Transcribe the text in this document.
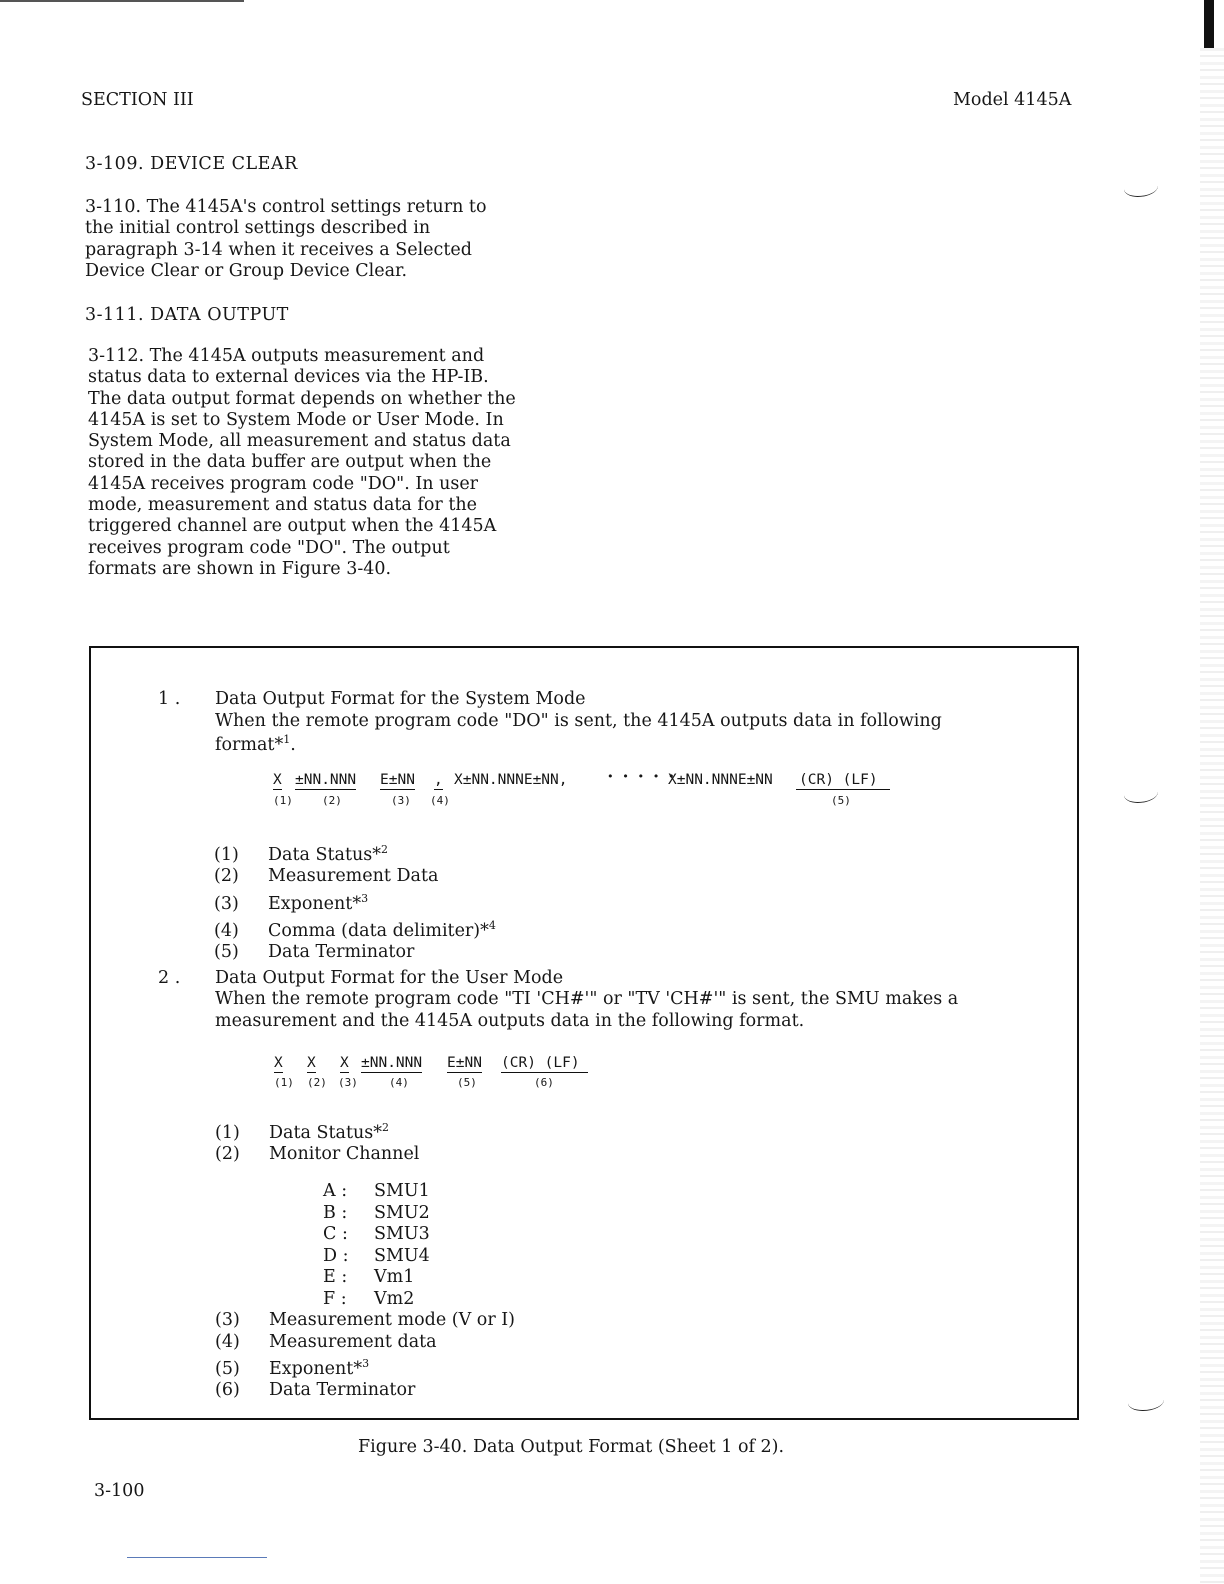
SECTION III	Model 4145A
3-109. DEVICE CLEAR
3-110. The 4145A's control settings return to
the initial control settings described in
paragraph 3-14 when it receives a Selected
Device Clear or Group Device Clear.
3-111. DATA OUTPUT
3-112. The 4145A outputs measurement and
status data to external devices via the HP-IB.
The data output format depends on whether the
4145A is set to System Mode or User Mode. In
System Mode, all measurement and status data
stored in the data buffer are output when the
4145A receives program code "DO". In user
mode, measurement and status data for the
triggered channel are output when the 4145A
receives program code "DO". The output
formats are shown in Figure 3-40.
1 . Data Output Format for the System Mode
When the remote program code "DO" is sent, the 4145A outputs data in following
format*$^1$.
X ±NN.NNN E±NN , X±NN.NNNE±NN,	• • • • •
X±NN.NNNE±NN (CR) (LF)
(1)	(2)	(3) (4)	(5)
(1) Data Status*$^2$
(2) Measurement Data
(3) Exponent*$^3$
(4) Comma (data delimiter)*$^4$
(5) Data Terminator
2 . Data Output Format for the User Mode
When the remote program code "TI 'CH#'" or "TV 'CH#'" is sent, the SMU makes a
measurement and the 4145A outputs data in the following format.
X X X ±NN.NNN E±NN (CR) (LF)
(1) (2) (3)	(4)	(5)	(6)
(1) Data Status*$^2$
(2) Monitor Channel
A : SMU1
B : SMU2
C : SMU3
D : SMU4
E : Vm1
F : Vm2
(3) Measurement mode (V or I)
(4) Measurement data
(5) Exponent*$^3$
(6) Data Terminator
Figure 3-40. Data Output Format (Sheet 1 of 2).
3-100
